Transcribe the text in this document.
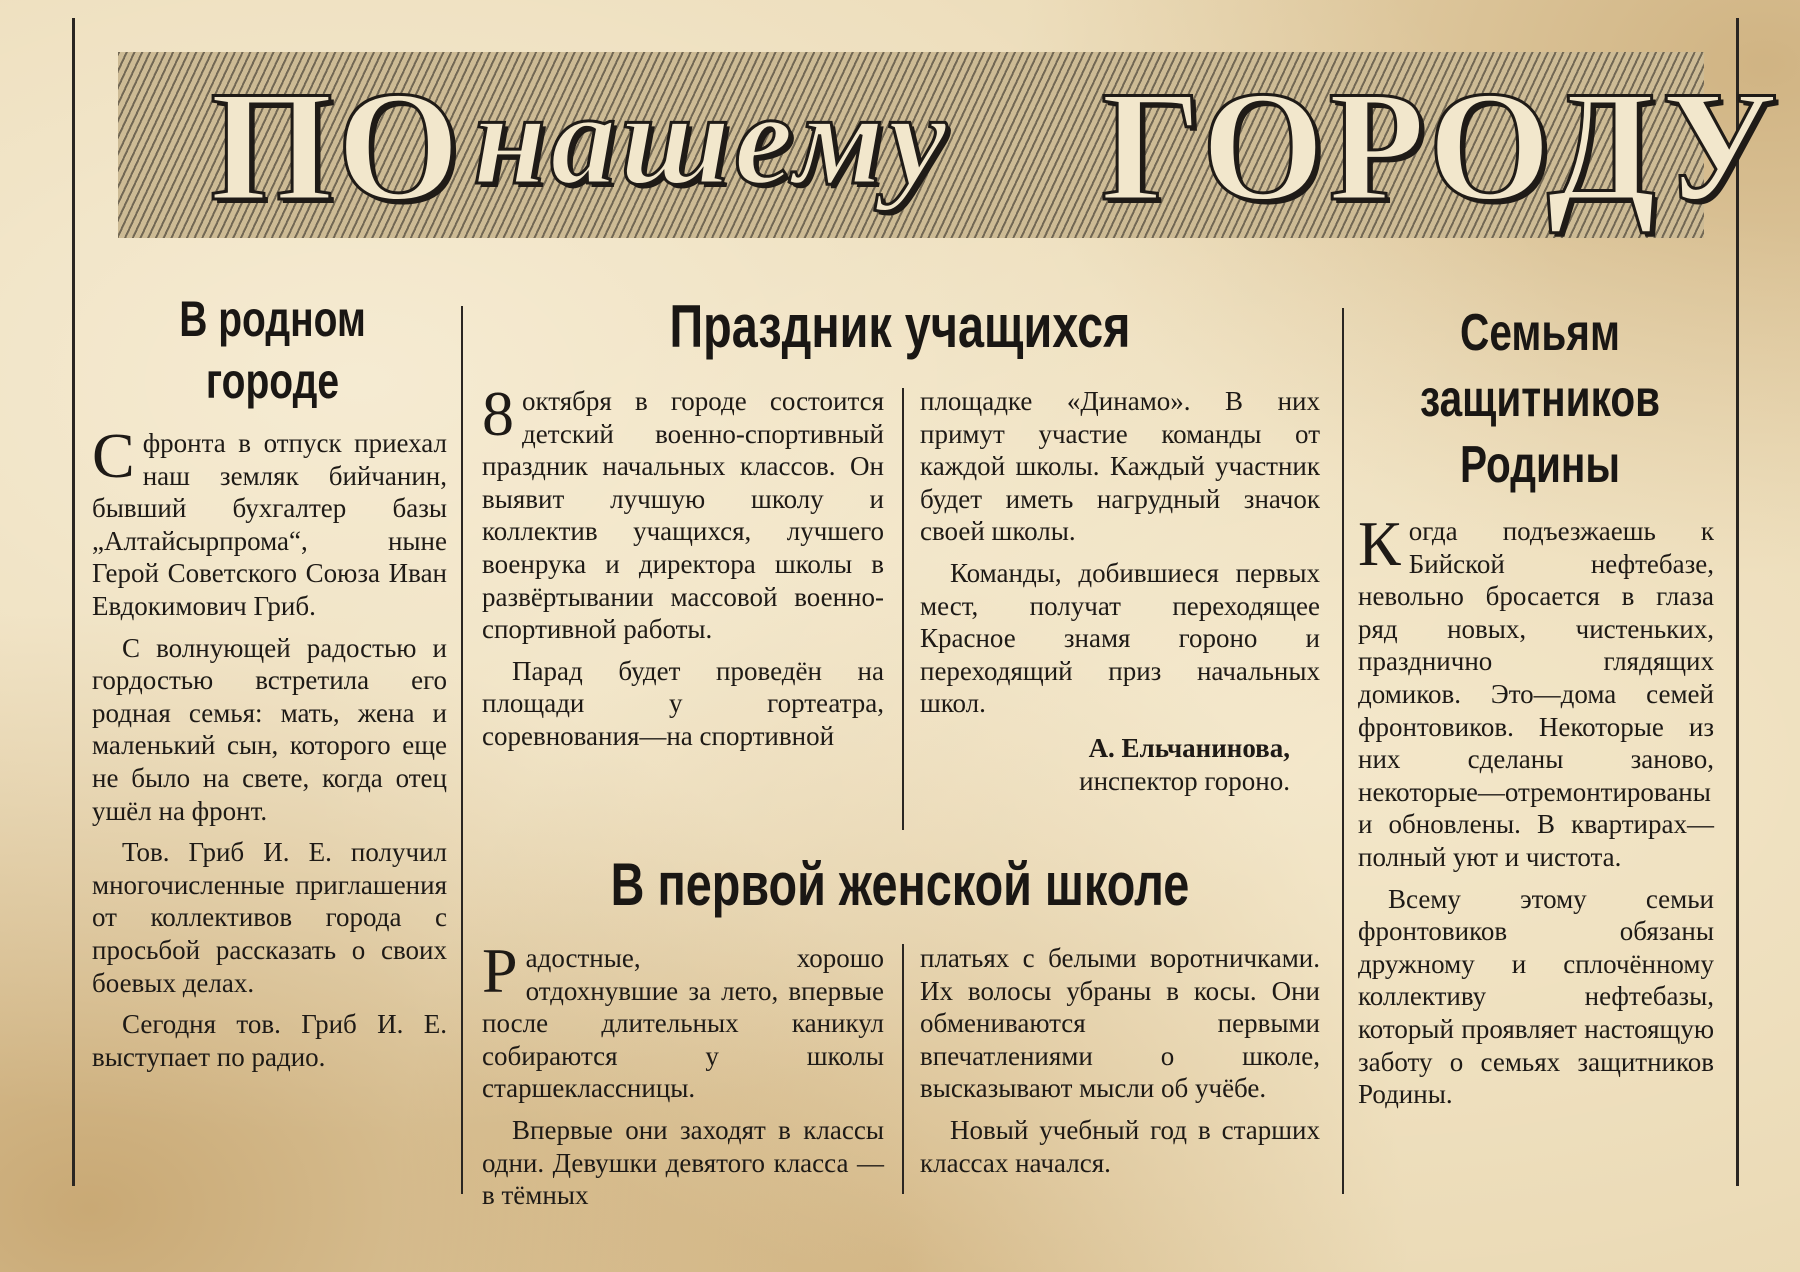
ПО нашему ГОРОДУ
В родном
городе

Сфронта в отпуск приехал наш земляк бийчанин, бывший бухгалтер базы „Алтайсырпрома“, ныне Герой Советского Союза Иван Евдокимович Гриб.

С волнующей радостью и гордостью встретила его родная семья: мать, жена и маленький сын, которого еще не было на свете, когда отец ушёл на фронт.

Тов. Гриб И. Е. получил многочисленные приглашения от коллективов города с просьбой рассказать о своих боевых делах.

Сегодня тов. Гриб И. Е. выступает по радио.

Праздник учащихся

8 октября в городе состоится детский военно-спортивный праздник начальных классов. Он выявит лучшую школу и коллектив учащихся, лучшего военрука и директора школы в развёртывании массовой военно-спортивной работы.

Парад будет проведён на площади у гортеатра, соревнования—на спортивной

площадке «Динамо». В них примут участие команды от каждой школы. Каждый участник будет иметь нагрудный значок своей школы.

Команды, добившиеся первых мест, получат переходящее Красное знамя гороно и переходящий приз начальных школ.

А. Ельчанинова,
инспектор гороно.
В первой женской школе

Радостные, хорошо отдохнувшие за лето, впервые после длительных каникул собираются у школы старшеклассницы.

Впервые они заходят в классы одни. Девушки девятого класса — в тёмных

платьях с белыми воротничками. Их волосы убраны в косы. Они обмениваются первыми впечатлениями о школе, высказывают мысли об учёбе.

Новый учебный год в старших классах начался.

Семьям
защитников
Родины

Когда подъезжаешь к Бийской нефтебазе, невольно бросается в глаза ряд новых, чистеньких, празднично глядящих домиков. Это—дома семей фронтовиков. Некоторые из них сделаны заново, некоторые—отремонтированы и обновлены. В квартирах—полный уют и чистота.

Всему этому семьи фронтовиков обязаны дружному и сплочённому коллективу нефтебазы, который проявляет настоящую заботу о семьях защитников Родины.
